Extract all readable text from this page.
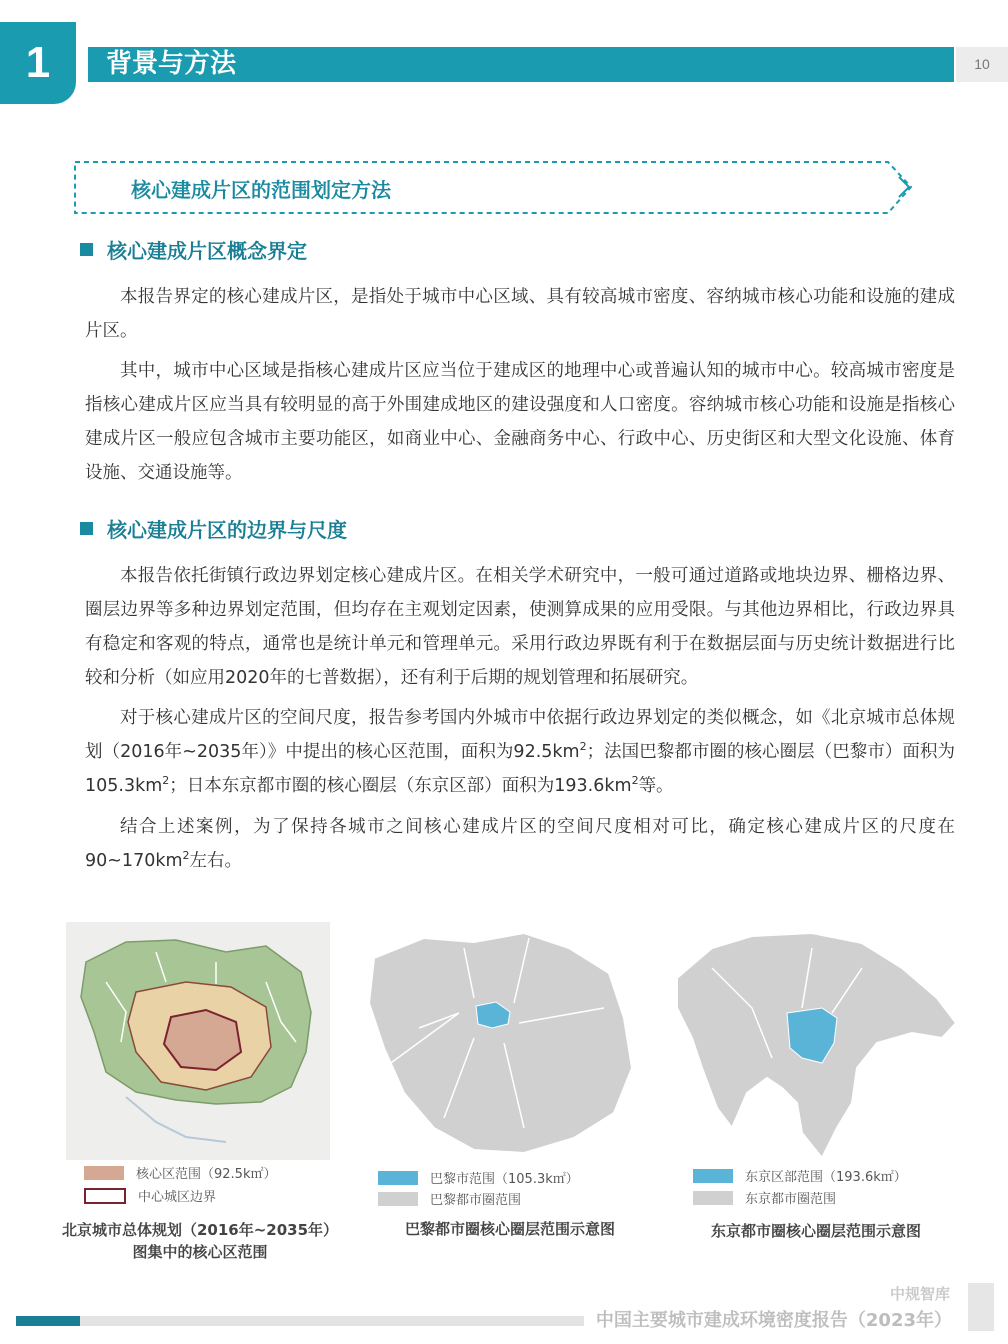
1	背景与方法	10
核心建成片区的范围划定方法
核心建成片区概念界定

本报告界定的核心建成片区，是指处于城市中心区域、具有较高城市密度、容纳城市核心功能和设施的建成片区。

其中，城市中心区域是指核心建成片区应当位于建成区的地理中心或普遍认知的城市中心。较高城市密度是指核心建成片区应当具有较明显的高于外围建成地区的建设强度和人口密度。容纳城市核心功能和设施是指核心建成片区一般应包含城市主要功能区，如商业中心、金融商务中心、行政中心、历史街区和大型文化设施、体育设施、交通设施等。

核心建成片区的边界与尺度

本报告依托街镇行政边界划定核心建成片区。在相关学术研究中，一般可通过道路或地块边界、栅格边界、圈层边界等多种边界划定范围，但均存在主观划定因素，使测算成果的应用受限。与其他边界相比，行政边界具有稳定和客观的特点，通常也是统计单元和管理单元。采用行政边界既有利于在数据层面与历史统计数据进行比较和分析（如应用2020年的七普数据），还有利于后期的规划管理和拓展研究。

对于核心建成片区的空间尺度，报告参考国内外城市中依据行政边界划定的类似概念，如《北京城市总体规划（2016年~2035年）》中提出的核心区范围，面积为$92.5km^2$；法国巴黎都市圈的核心圈层（巴黎市）面积为$105.3km^2$；日本东京都市圈的核心圈层（东京区部）面积为$193.6km^2$等。

结合上述案例，为了保持各城市之间核心建成片区的空间尺度相对可比，确定核心建成片区的尺度在$90\sim 170km^2$左右。

核心区范围（92.5k㎡）
中心城区边界
北京城市总体规划（2016年~2035年）
图集中的核心区范围
巴黎市范围（105.3k㎡）
巴黎都市圈范围
巴黎都市圈核心圈层范围示意图
东京区部范围（193.6k㎡）
东京都市圈范围
东京都市圈核心圈层范围示意图
中规智库
中国主要城市建成环境密度报告（2023年）
